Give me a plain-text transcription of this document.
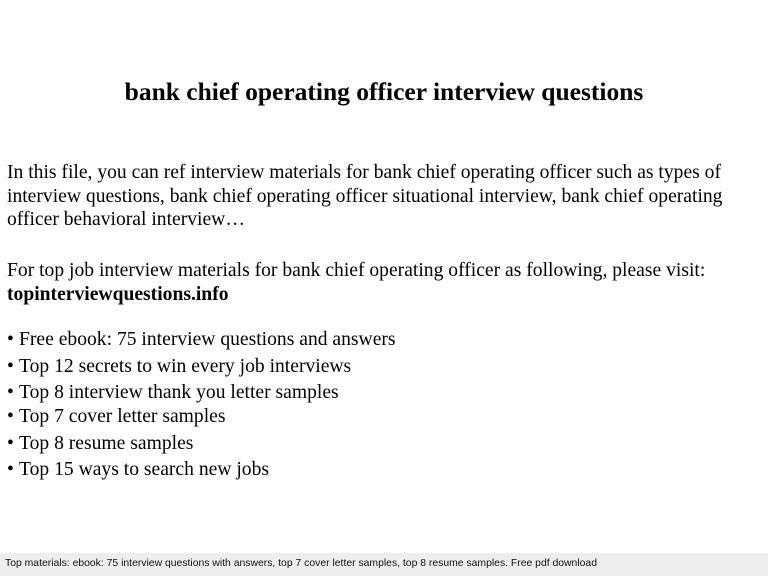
bank chief operating officer interview questions
In this file, you can ref interview materials for bank chief operating officer such as types of interview questions, bank chief operating officer situational interview, bank chief operating officer behavioral interview…
For top job interview materials for bank chief operating officer as following, please visit: topinterviewquestions.info
• Free ebook: 75 interview questions and answers
• Top 12 secrets to win every job interviews
• Top 8 interview thank you letter samples
• Top 7 cover letter samples
• Top 8 resume samples
• Top 15 ways to search new jobs
Top materials: ebook: 75 interview questions with answers, top 7 cover letter samples, top 8 resume samples. Free pdf download
